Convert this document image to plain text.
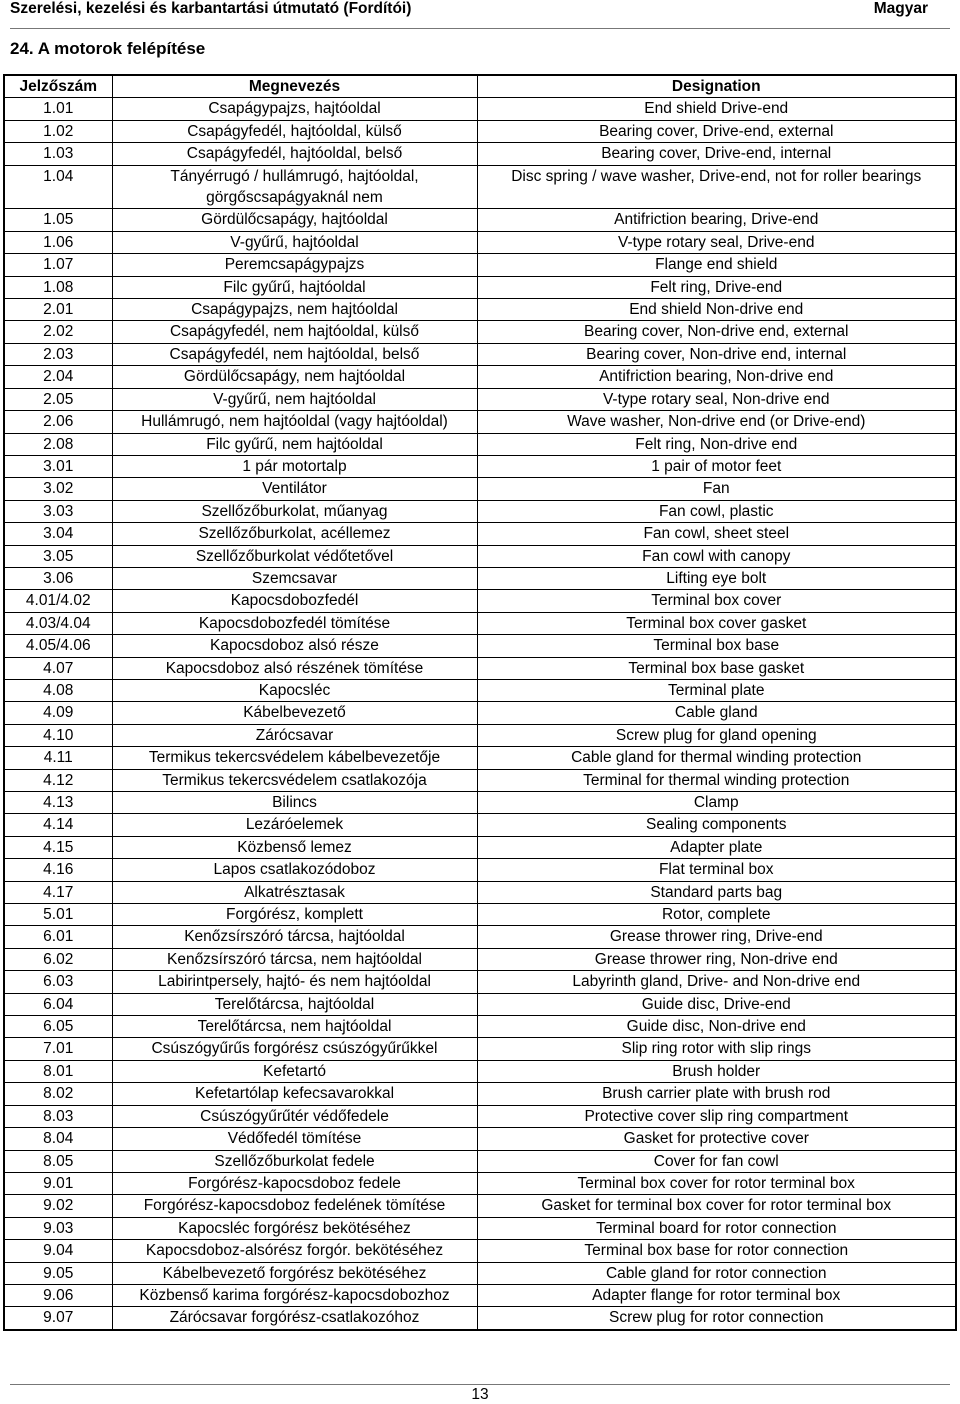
Szerelési, kezelési és karbantartási útmutató (Fordítói)	Magyar
24. A motorok felépítése
Jelzőszám	Megnevezés	Designation
1.01	Csapágypajzs, hajtóoldal	End shield Drive-end
1.02	Csapágyfedél, hajtóoldal, külső	Bearing cover, Drive-end, external
1.03	Csapágyfedél, hajtóoldal, belső	Bearing cover, Drive-end, internal
1.04	Tányérrugó / hullámrugó, hajtóoldal, görgőscsapágyaknál nem	Disc spring / wave washer, Drive-end, not for roller bearings
1.05	Gördülőcsapágy, hajtóoldal	Antifriction bearing, Drive-end
1.06	V-gyűrű, hajtóoldal	V-type rotary seal, Drive-end
1.07	Peremcsapágypajzs	Flange end shield
1.08	Filc gyűrű, hajtóoldal	Felt ring, Drive-end
2.01	Csapágypajzs, nem hajtóoldal	End shield Non-drive end
2.02	Csapágyfedél, nem hajtóoldal, külső	Bearing cover, Non-drive end, external
2.03	Csapágyfedél, nem hajtóoldal, belső	Bearing cover, Non-drive end, internal
2.04	Gördülőcsapágy, nem hajtóoldal	Antifriction bearing, Non-drive end
2.05	V-gyűrű, nem hajtóoldal	V-type rotary seal, Non-drive end
2.06	Hullámrugó, nem hajtóoldal (vagy hajtóoldal)	Wave washer, Non-drive end (or Drive-end)
2.08	Filc gyűrű, nem hajtóoldal	Felt ring, Non-drive end
3.01	1 pár motortalp	1 pair of motor feet
3.02	Ventilátor	Fan
3.03	Szellőzőburkolat, műanyag	Fan cowl, plastic
3.04	Szellőzőburkolat, acéllemez	Fan cowl, sheet steel
3.05	Szellőzőburkolat védőtetővel	Fan cowl with canopy
3.06	Szemcsavar	Lifting eye bolt
4.01/4.02	Kapocsdobozfedél	Terminal box cover
4.03/4.04	Kapocsdobozfedél tömítése	Terminal box cover gasket
4.05/4.06	Kapocsdoboz alsó része	Terminal box base
4.07	Kapocsdoboz alsó részének tömítése	Terminal box base gasket
4.08	Kapocsléc	Terminal plate
4.09	Kábelbevezető	Cable gland
4.10	Zárócsavar	Screw plug for gland opening
4.11	Termikus tekercsvédelem kábelbevezetője	Cable gland for thermal winding protection
4.12	Termikus tekercsvédelem csatlakozója	Terminal for thermal winding protection
4.13	Bilincs	Clamp
4.14	Lezáróelemek	Sealing components
4.15	Közbenső lemez	Adapter plate
4.16	Lapos csatlakozódoboz	Flat terminal box
4.17	Alkatrésztasak	Standard parts bag
5.01	Forgórész, komplett	Rotor, complete
6.01	Kenőzsírszóró tárcsa, hajtóoldal	Grease thrower ring, Drive-end
6.02	Kenőzsírszóró tárcsa, nem hajtóoldal	Grease thrower ring, Non-drive end
6.03	Labirintpersely, hajtó- és nem hajtóoldal	Labyrinth gland, Drive- and Non-drive end
6.04	Terelőtárcsa, hajtóoldal	Guide disc, Drive-end
6.05	Terelőtárcsa, nem hajtóoldal	Guide disc, Non-drive end
7.01	Csúszógyűrűs forgórész csúszógyűrűkkel	Slip ring rotor with slip rings
8.01	Kefetartó	Brush holder
8.02	Kefetartólap kefecsavarokkal	Brush carrier plate with brush rod
8.03	Csúszógyűrűtér védőfedele	Protective cover slip ring compartment
8.04	Védőfedél tömítése	Gasket for protective cover
8.05	Szellőzőburkolat fedele	Cover for fan cowl
9.01	Forgórész-kapocsdoboz fedele	Terminal box cover for rotor terminal box
9.02	Forgórész-kapocsdoboz fedelének tömítése	Gasket for terminal box cover for rotor terminal box
9.03	Kapocsléc forgórész bekötéséhez	Terminal board for rotor connection
9.04	Kapocsdoboz-alsórész forgór. bekötéséhez	Terminal box base for rotor connection
9.05	Kábelbevezető forgórész bekötéséhez	Cable gland for rotor connection
9.06	Közbenső karima forgórész-kapocsdobozhoz	Adapter flange for rotor terminal box
9.07	Zárócsavar forgórész-csatlakozóhoz	Screw plug for rotor connection
13
